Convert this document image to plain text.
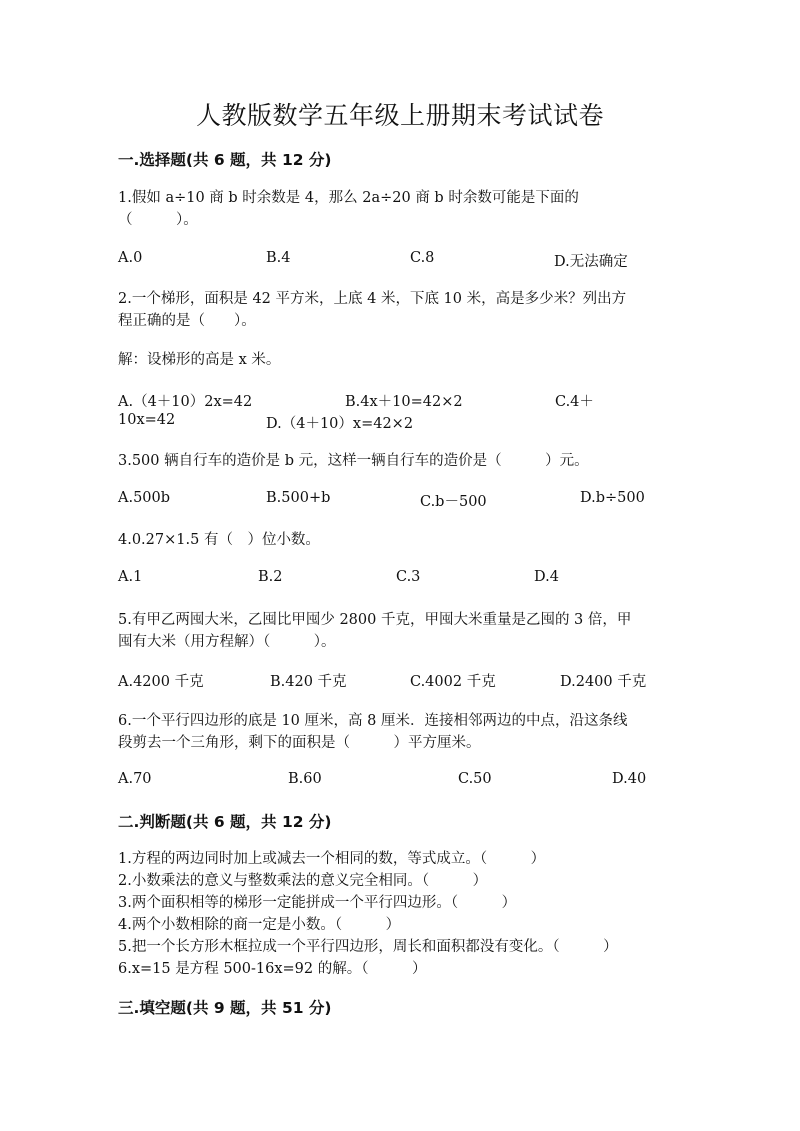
人教版数学五年级上册期末考试试卷
一.选择题(共 6 题，共 12 分)
1.假如 a÷10 商 b 时余数是 4，那么 2a÷20 商 b 时余数可能是下面的
（　　　）。
A.0	B.4	C.8	D.无法确定
2.一个梯形，面积是 42 平方米，上底 4 米，下底 10 米，高是多少米？列出方
程正确的是（　　）。
解：设梯形的高是 x 米。
A.（4＋10）2x=42	B.4x＋10=42×2	C.4＋
10x=42	D.（4＋10）x=42×2
3.500 辆自行车的造价是 b 元，这样一辆自行车的造价是（　　　）元。
A.500b	B.500+b	C.b－500	D.b÷500
4.0.27×1.5 有（　）位小数。
A.1	B.2	C.3	D.4
5.有甲乙两囤大米，乙囤比甲囤少 2800 千克，甲囤大米重量是乙囤的 3 倍，甲
囤有大米（用方程解）（　　　）。
A.4200 千克	B.420 千克	C.4002 千克	D.2400 千克
6.一个平行四边形的底是 10 厘米，高 8 厘米．连接相邻两边的中点，沿这条线
段剪去一个三角形，剩下的面积是（　　　）平方厘米。
A.70	B.60	C.50	D.40
二.判断题(共 6 题，共 12 分)
1.方程的两边同时加上或减去一个相同的数，等式成立。（　　　）
2.小数乘法的意义与整数乘法的意义完全相同。（　　　）
3.两个面积相等的梯形一定能拼成一个平行四边形。（　　　）
4.两个小数相除的商一定是小数。（　　　）
5.把一个长方形木框拉成一个平行四边形，周长和面积都没有变化。（　　　）
6.x=15 是方程 500-16x=92 的解。（　　　）
三.填空题(共 9 题，共 51 分)
